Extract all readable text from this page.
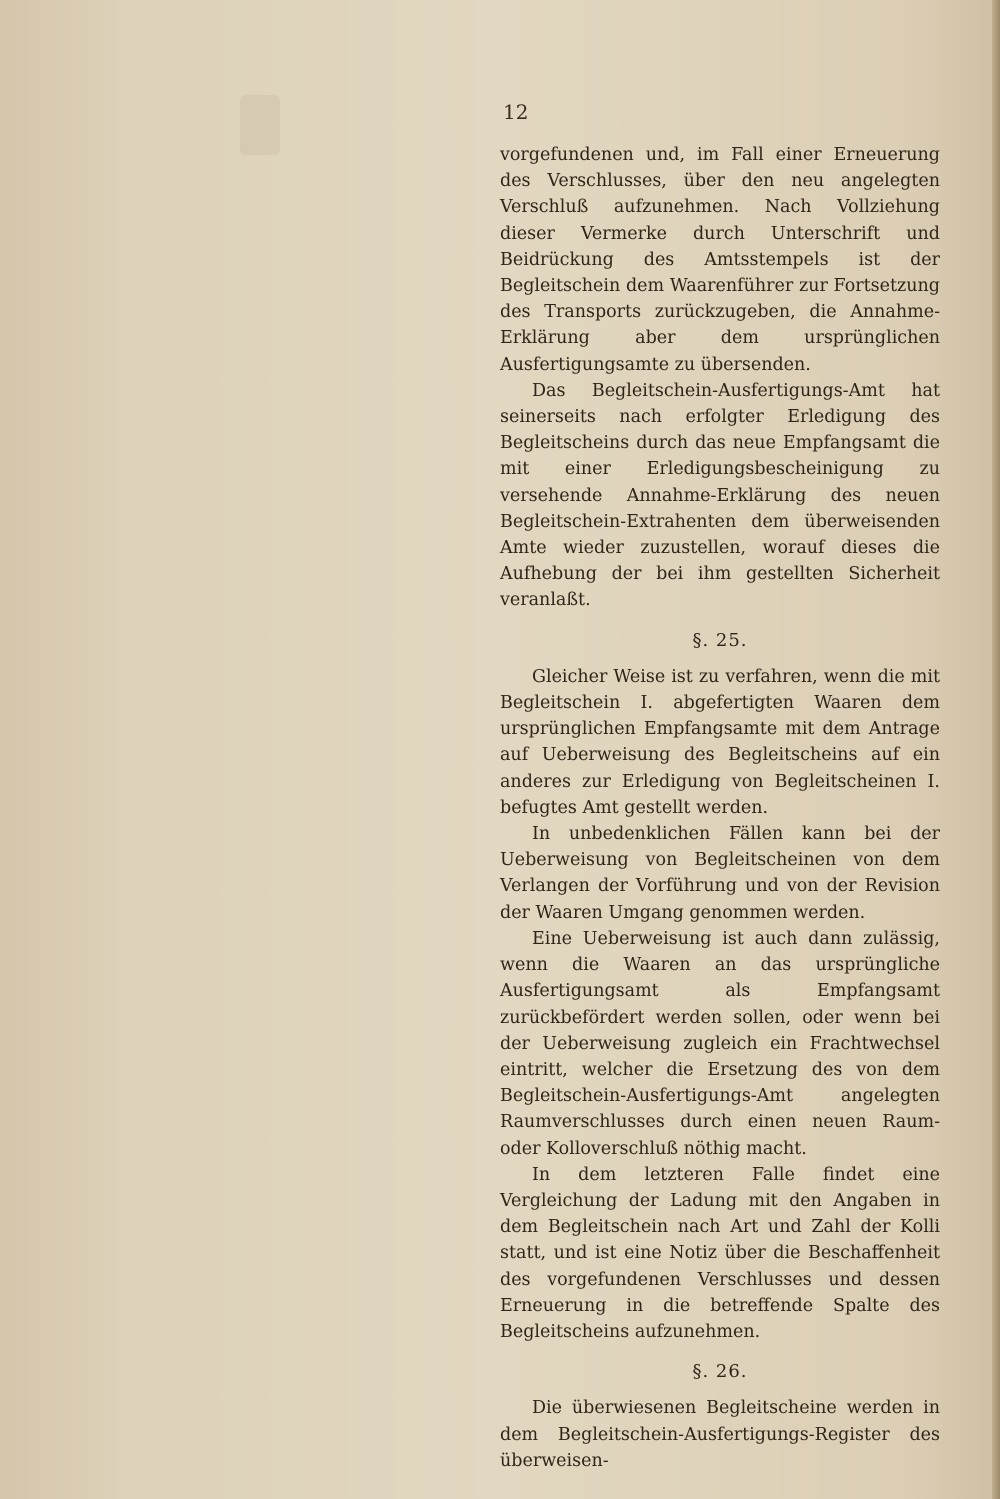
12

vorgefundenen und, im Fall einer Erneuerung des Verschlusses, über den neu angelegten Verschluß aufzunehmen. Nach Vollziehung dieser Vermerke durch Unterschrift und Beidrückung des Amtsstempels ist der Begleitschein dem Waarenführer zur Fortsetzung des Transports zurückzugeben, die Annahme-Erklärung aber dem ursprünglichen Ausfertigungsamte zu übersenden.

Das Begleitschein-Ausfertigungs-Amt hat seinerseits nach erfolgter Erledigung des Begleitscheins durch das neue Empfangsamt die mit einer Erledigungsbescheinigung zu versehende Annahme-Erklärung des neuen Begleitschein-Extrahenten dem überweisenden Amte wieder zuzustellen, worauf dieses die Aufhebung der bei ihm gestellten Sicherheit veranlaßt.

§. 25.

Gleicher Weise ist zu verfahren, wenn die mit Begleitschein I. abgefertigten Waaren dem ursprünglichen Empfangsamte mit dem Antrage auf Ueberweisung des Begleitscheins auf ein anderes zur Erledigung von Begleitscheinen I. befugtes Amt gestellt werden.

In unbedenklichen Fällen kann bei der Ueberweisung von Begleitscheinen von dem Verlangen der Vorführung und von der Revision der Waaren Umgang genommen werden.

Eine Ueberweisung ist auch dann zulässig, wenn die Waaren an das ursprüngliche Ausfertigungsamt als Empfangsamt zurückbefördert werden sollen, oder wenn bei der Ueberweisung zugleich ein Frachtwechsel eintritt, welcher die Ersetzung des von dem Begleitschein-Ausfertigungs-Amt angelegten Raumverschlusses durch einen neuen Raum- oder Kolloverschluß nöthig macht.

In dem letzteren Falle findet eine Vergleichung der Ladung mit den Angaben in dem Begleitschein nach Art und Zahl der Kolli statt, und ist eine Notiz über die Beschaffenheit des vorgefundenen Verschlusses und dessen Erneuerung in die betreffende Spalte des Begleitscheins aufzunehmen.

§. 26.

Die überwiesenen Begleitscheine werden in dem Begleitschein-Ausfertigungs-Register des überweisen-
